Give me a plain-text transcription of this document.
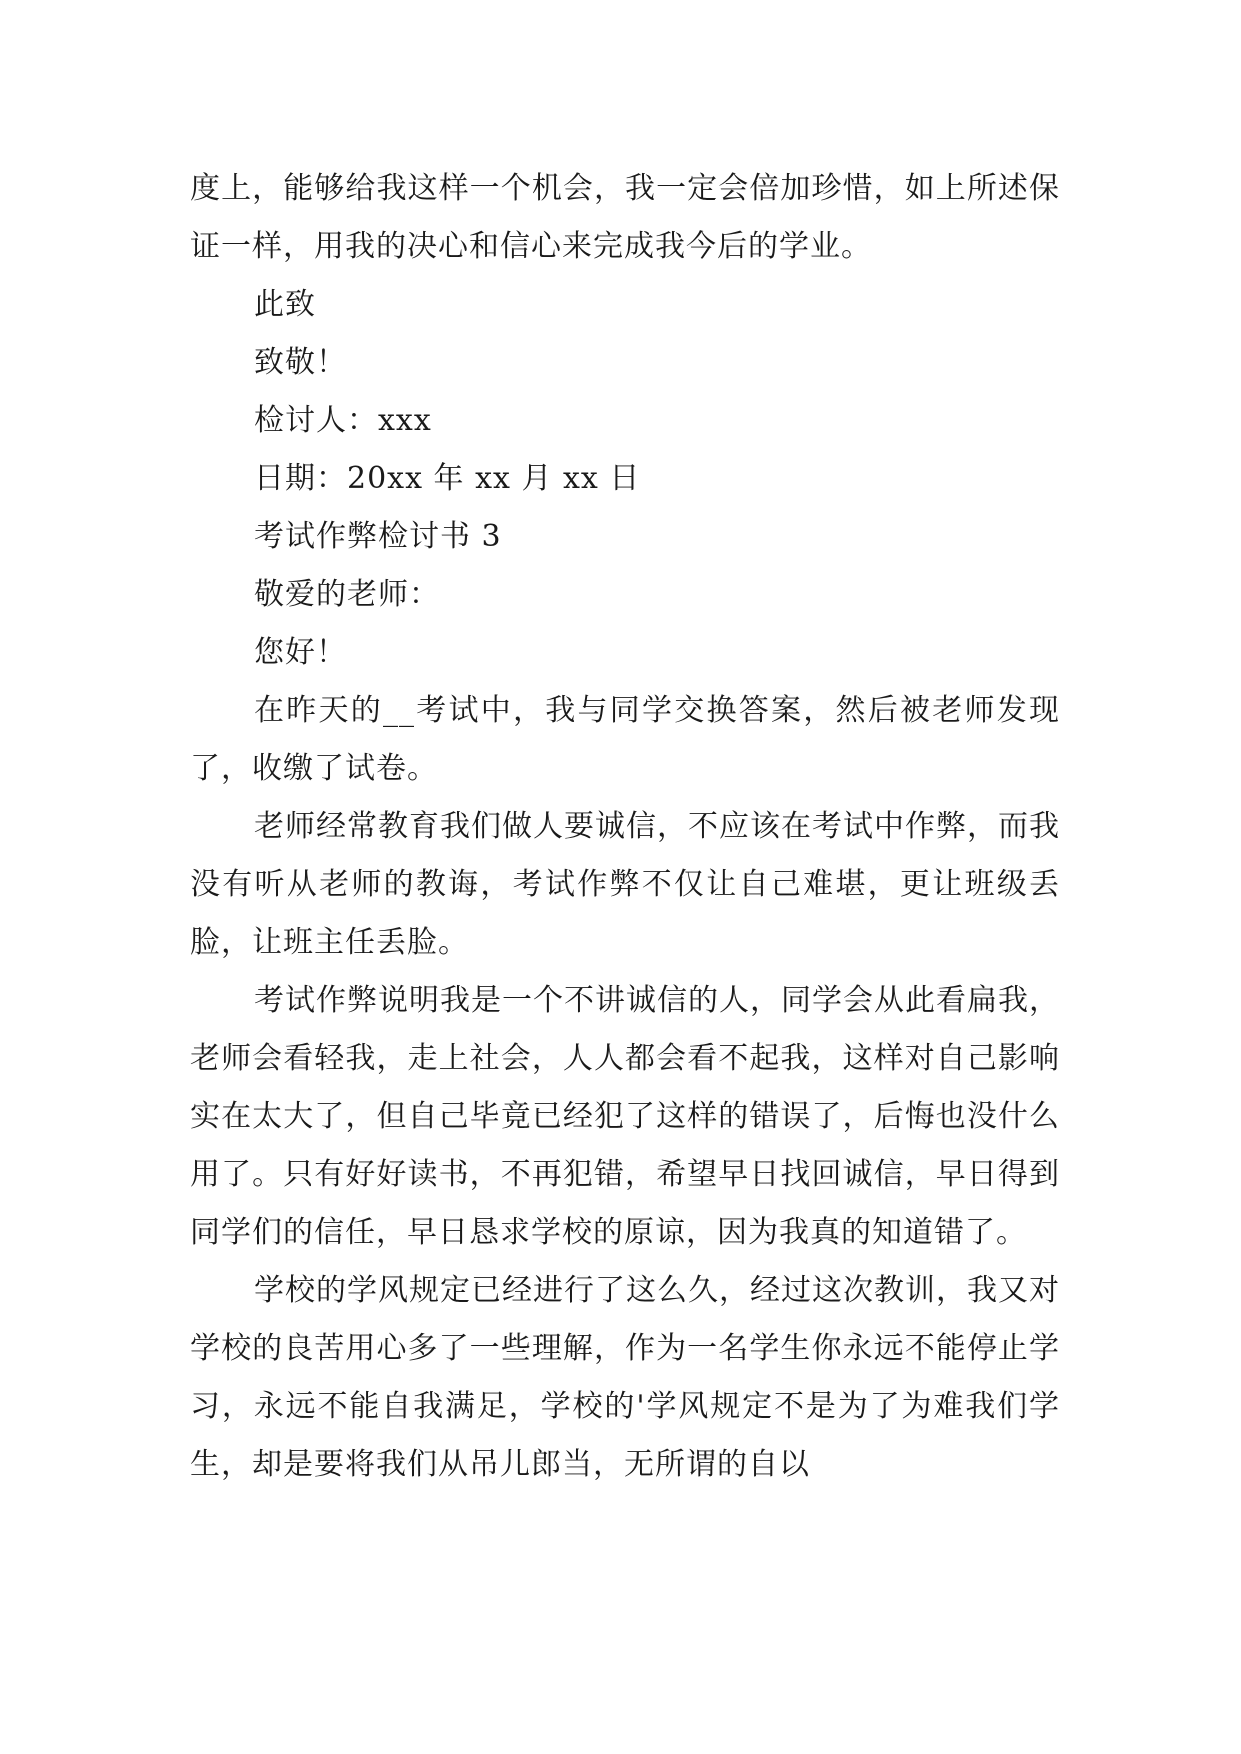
度上，能够给我这样一个机会，我一定会倍加珍惜，如上所述保证一样，用我的决心和信心来完成我今后的学业。

此致

致敬！

检讨人：xxx

日期：20xx 年 xx 月 xx 日

考试作弊检讨书 3

敬爱的老师：

您好！

在昨天的__考试中，我与同学交换答案，然后被老师发现了，收缴了试卷。

老师经常教育我们做人要诚信，不应该在考试中作弊，而我没有听从老师的教诲，考试作弊不仅让自己难堪，更让班级丢脸，让班主任丢脸。

考试作弊说明我是一个不讲诚信的人，同学会从此看扁我，老师会看轻我，走上社会，人人都会看不起我，这样对自己影响实在太大了，但自己毕竟已经犯了这样的错误了，后悔也没什么用了。只有好好读书，不再犯错，希望早日找回诚信，早日得到同学们的信任，早日恳求学校的原谅，因为我真的知道错了。

学校的学风规定已经进行了这么久，经过这次教训，我又对学校的良苦用心多了一些理解，作为一名学生你永远不能停止学习，永远不能自我满足，学校的'学风规定不是为了为难我们学生，却是要将我们从吊儿郎当，无所谓的自以
